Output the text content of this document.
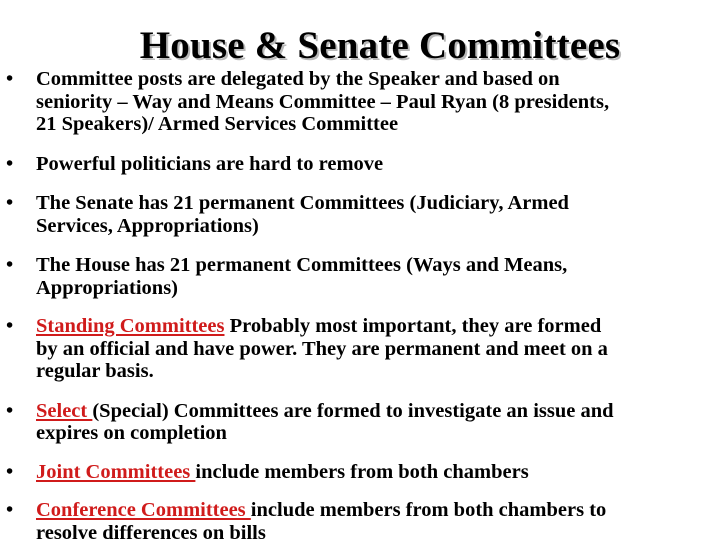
House & Senate Committees
• Committee posts are delegated by the Speaker and based on
seniority – Way and Means Committee – Paul Ryan (8 presidents,
21 Speakers)/ Armed Services Committee
• Powerful politicians are hard to remove
• The Senate has 21 permanent Committees (Judiciary, Armed
Services, Appropriations)
• The House has 21 permanent Committees (Ways and Means,
Appropriations)
• Standing Committees Probably most important, they are formed
by an official and have power. They are permanent and meet on a
regular basis.
• Select (Special) Committees are formed to investigate an issue and
expires on completion
• Joint Committees include members from both chambers
• Conference Committees include members from both chambers to
resolve differences on bills
